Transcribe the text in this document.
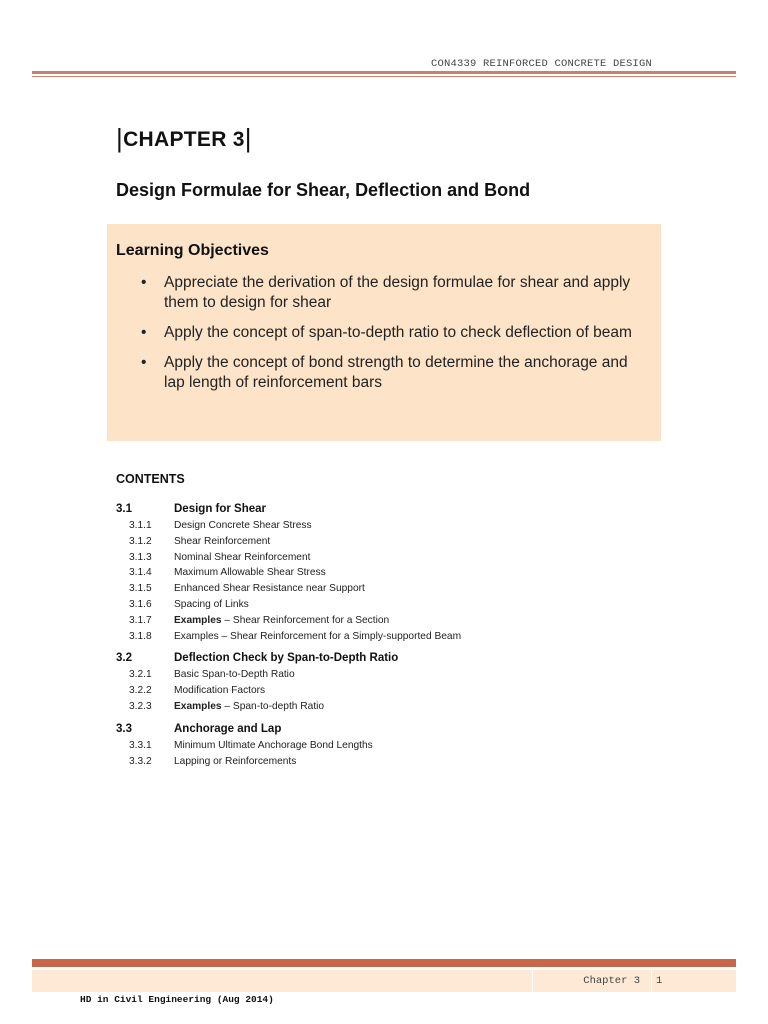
CON4339 REINFORCED CONCRETE DESIGN
|CHAPTER 3|
Design Formulae for Shear, Deflection and Bond
Learning Objectives
• Appreciate the derivation of the design formulae for shear and apply them to design for shear
• Apply the concept of span-to-depth ratio to check deflection of beam
• Apply the concept of bond strength to determine the anchorage and lap length of reinforcement bars
CONTENTS
3.1	Design for Shear
3.1.1 Design Concrete Shear Stress
3.1.2 Shear Reinforcement
3.1.3 Nominal Shear Reinforcement
3.1.4 Maximum Allowable Shear Stress
3.1.5 Enhanced Shear Resistance near Support
3.1.6 Spacing of Links
3.1.7 Examples – Shear Reinforcement for a Section
3.1.8 Examples – Shear Reinforcement for a Simply-supported Beam
3.2	Deflection Check by Span-to-Depth Ratio
3.2.1 Basic Span-to-Depth Ratio
3.2.2 Modification Factors
3.2.3 Examples – Span-to-depth Ratio
3.3	Anchorage and Lap
3.3.1 Minimum Ultimate Anchorage Bond Lengths
3.3.2 Lapping or Reinforcements
Chapter 3 1
HD in Civil Engineering (Aug 2014)
